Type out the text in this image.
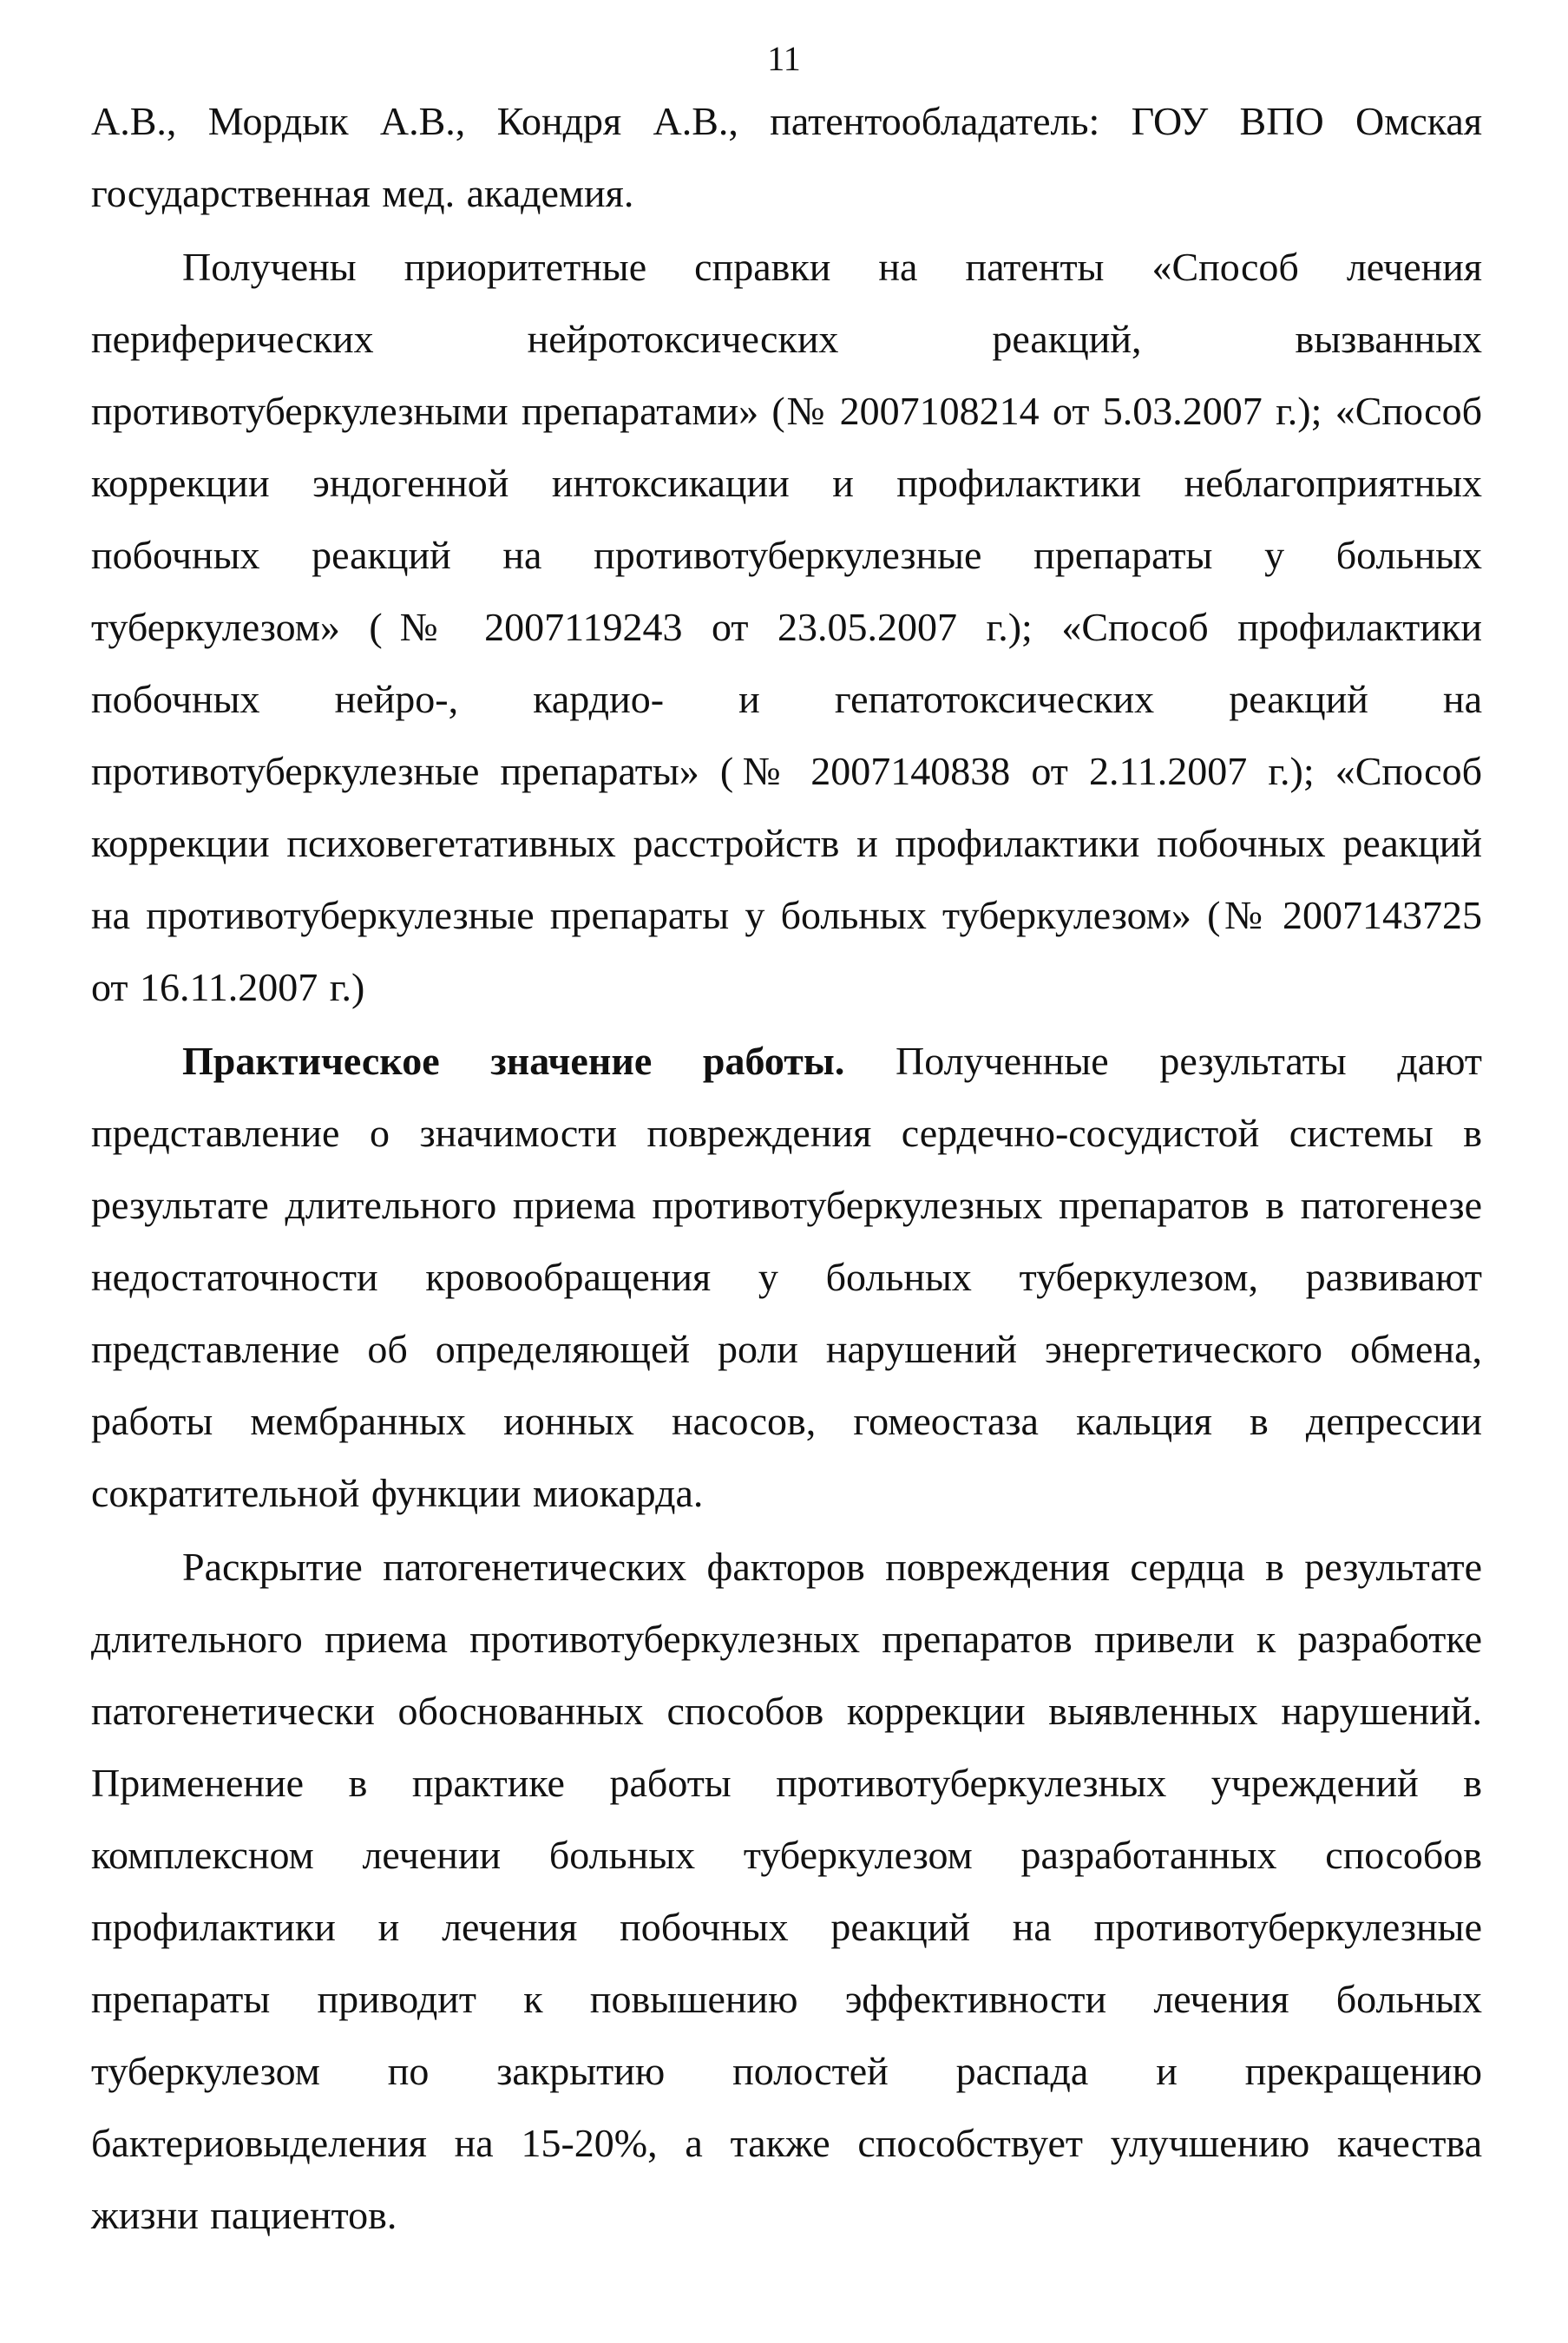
11

А.В., Мордык А.В., Кондря А.В., патентообладатель: ГОУ ВПО Омская государственная мед. академия.

Получены приоритетные справки на патенты «Способ лечения периферических нейротоксических реакций, вызванных противотуберкулезными препаратами» (№ 2007108214 от 5.03.2007 г.); «Способ коррекции эндогенной интоксикации и профилактики неблагоприятных побочных реакций на противотуберкулезные препараты у больных туберкулезом» (№ 2007119243 от 23.05.2007 г.); «Способ профилактики побочных нейро-, кардио- и гепатотоксических реакций на противотуберкулезные препараты» (№ 2007140838 от 2.11.2007 г.); «Способ коррекции психовегетативных расстройств и профилактики побочных реакций на противотуберкулезные препараты у больных туберкулезом» (№ 2007143725 от 16.11.2007 г.)

Практическое значение работы. Полученные результаты дают представление о значимости повреждения сердечно-сосудистой системы в результате длительного приема противотуберкулезных препаратов в патогенезе недостаточности кровообращения у больных туберкулезом, развивают представление об определяющей роли нарушений энергетического обмена, работы мембранных ионных насосов, гомеостаза кальция в депрессии сократительной функции миокарда.

Раскрытие патогенетических факторов повреждения сердца в результате длительного приема противотуберкулезных препаратов привели к разработке патогенетически обоснованных способов коррекции выявленных нарушений. Применение в практике работы противотуберкулезных учреждений в комплексном лечении больных туберкулезом разработанных способов профилактики и лечения побочных реакций на противотуберкулезные препараты приводит к повышению эффективности лечения больных туберкулезом по закрытию полостей распада и прекращению бактериовыделения на 15-20%, а также способствует улучшению качества жизни пациентов.
